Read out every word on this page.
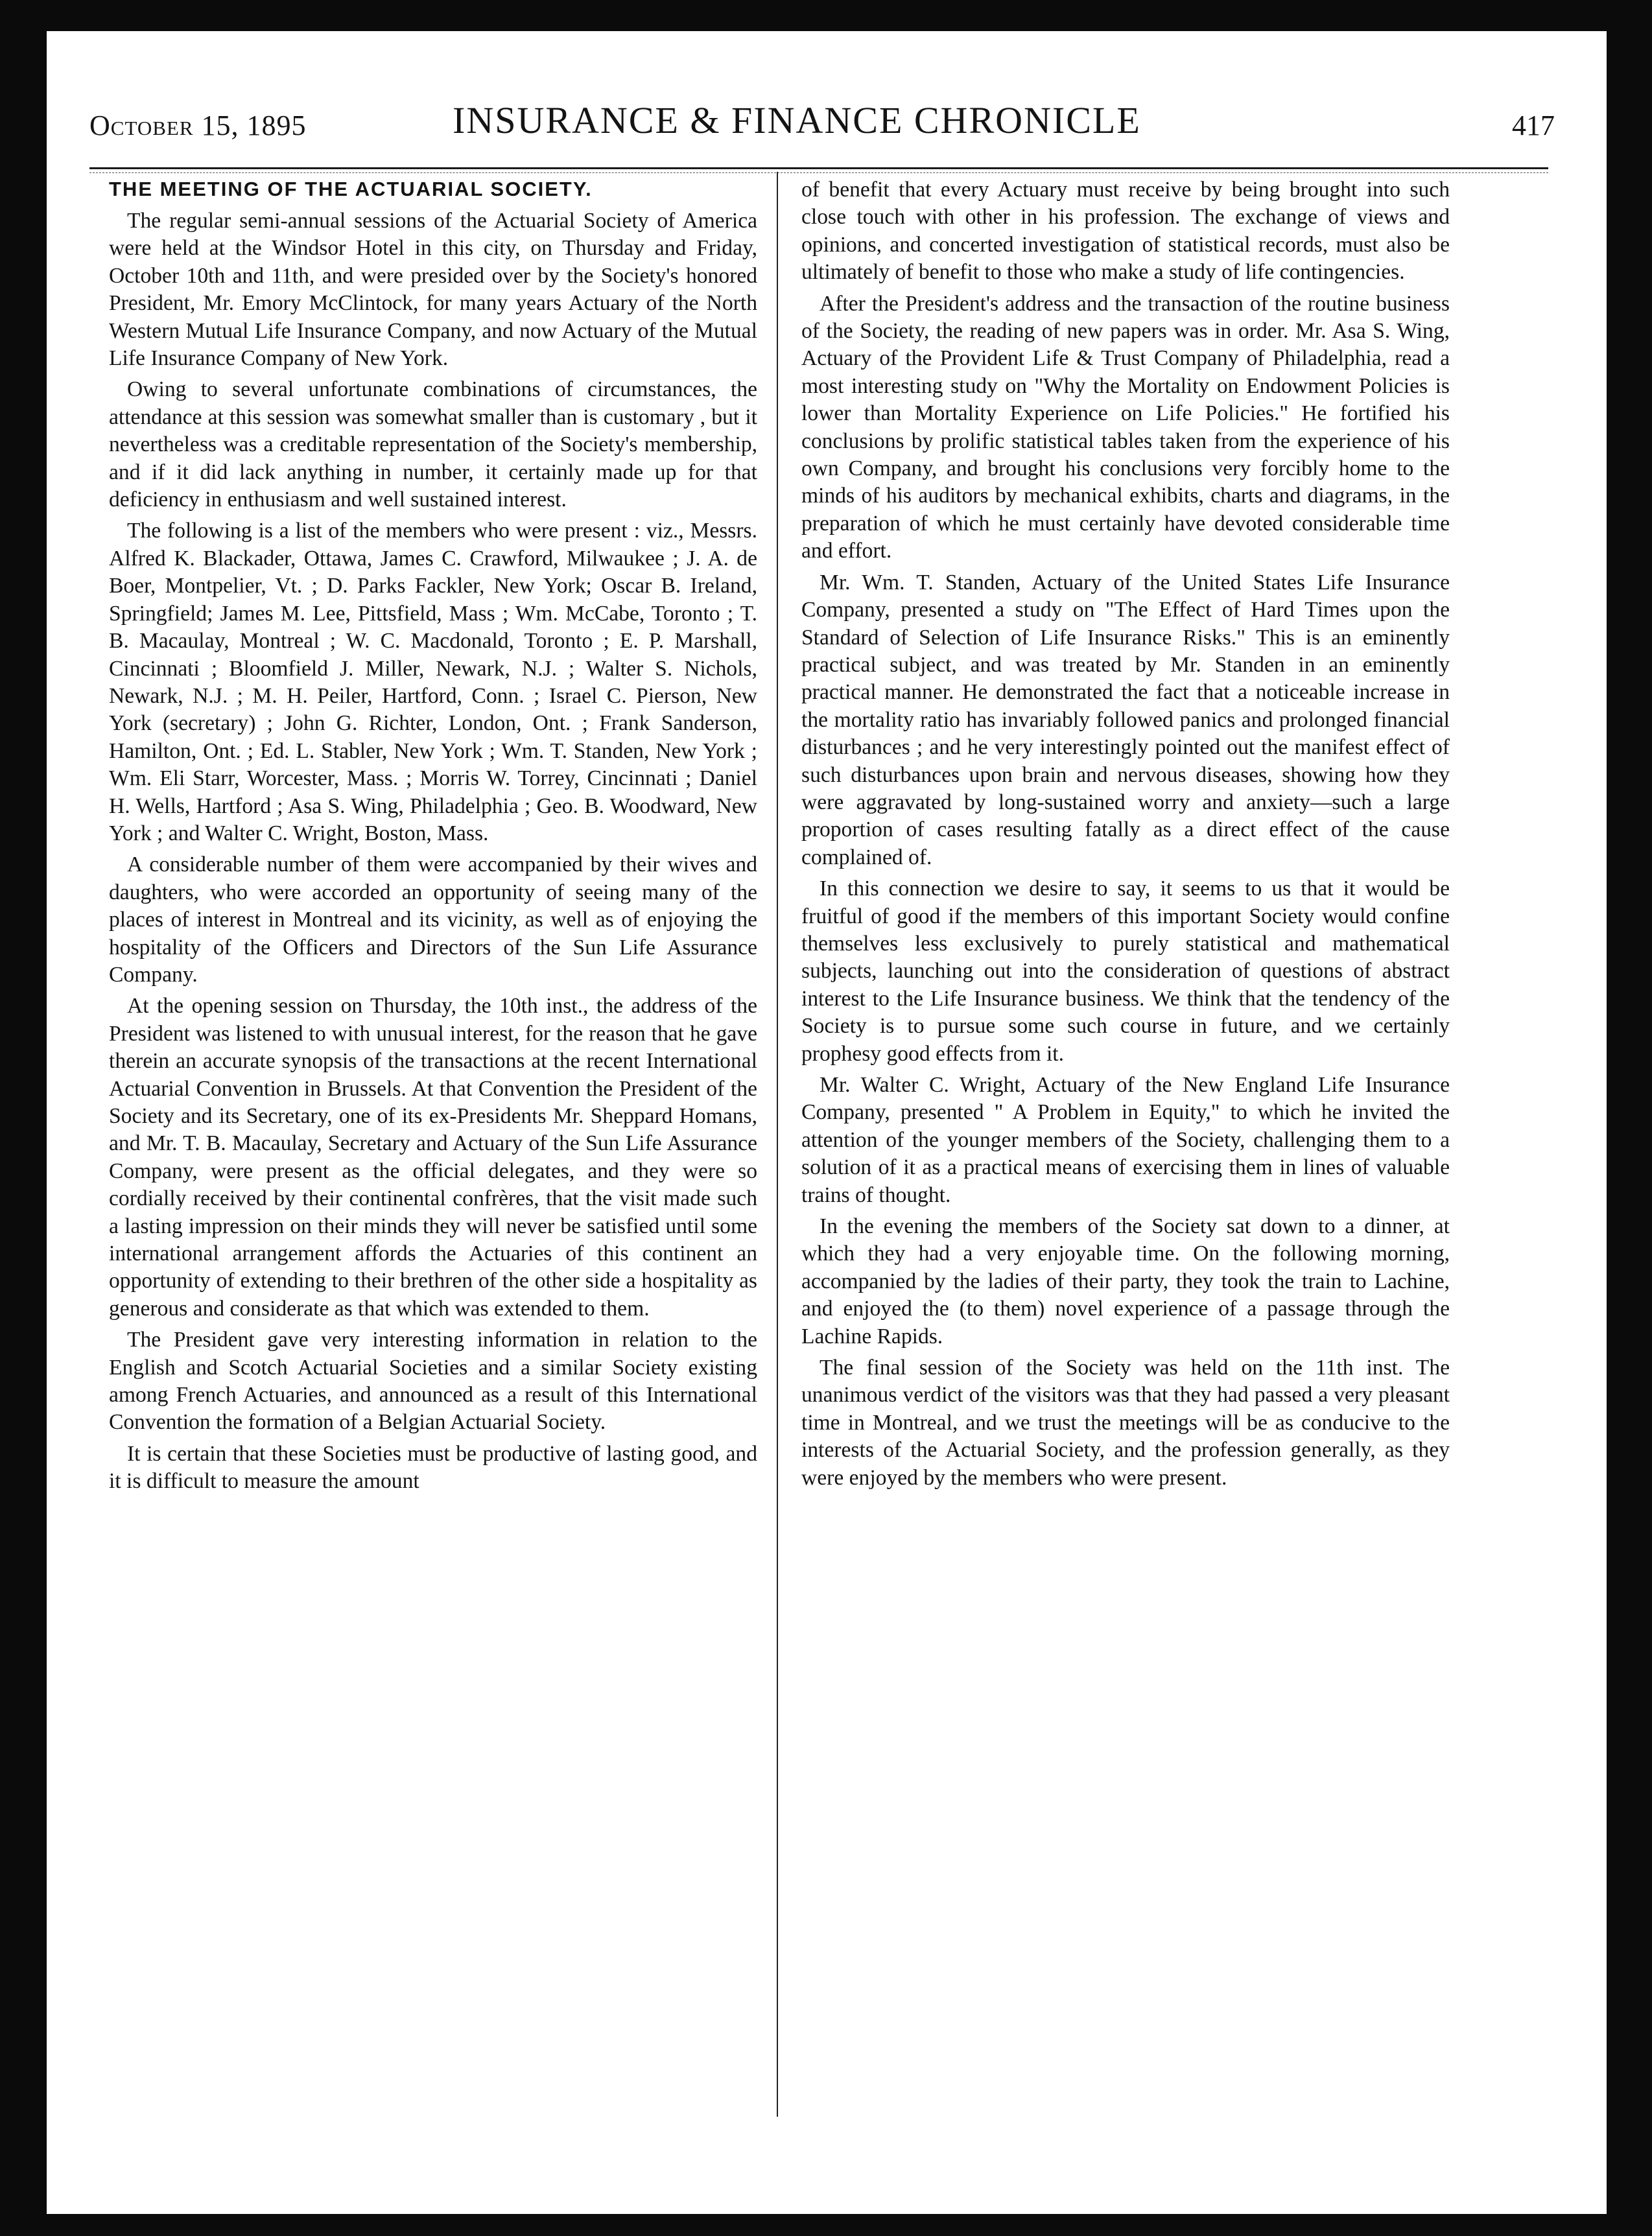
October 15, 1895	INSURANCE & FINANCE CHRONICLE	417
THE MEETING OF THE ACTUARIAL SOCIETY.

The regular semi-annual sessions of the Actuarial Society of America were held at the Windsor Hotel in this city, on Thursday and Friday, October 10th and 11th, and were presided over by the Society's honored President, Mr. Emory McClintock, for many years Actuary of the North Western Mutual Life Insurance Company, and now Actuary of the Mutual Life Insurance Company of New York.

Owing to several unfortunate combinations of circumstances, the attendance at this session was somewhat smaller than is customary , but it nevertheless was a creditable representation of the Society's membership, and if it did lack anything in number, it certainly made up for that deficiency in enthusiasm and well sustained interest.

The following is a list of the members who were present : viz., Messrs. Alfred K. Blackader, Ottawa, James C. Crawford, Milwaukee ; J. A. de Boer, Montpelier, Vt. ; D. Parks Fackler, New York; Oscar B. Ireland, Springfield; James M. Lee, Pittsfield, Mass ; Wm. McCabe, Toronto ; T. B. Macaulay, Montreal ; W. C. Macdonald, Toronto ; E. P. Marshall, Cincinnati ; Bloomfield J. Miller, Newark, N.J. ; Walter S. Nichols, Newark, N.J. ; M. H. Peiler, Hartford, Conn. ; Israel C. Pierson, New York (secretary) ; John G. Richter, London, Ont. ; Frank Sanderson, Hamilton, Ont. ; Ed. L. Stabler, New York ; Wm. T. Standen, New York ; Wm. Eli Starr, Worcester, Mass. ; Morris W. Torrey, Cincinnati ; Daniel H. Wells, Hartford ; Asa S. Wing, Philadelphia ; Geo. B. Woodward, New York ; and Walter C. Wright, Boston, Mass.

A considerable number of them were accompanied by their wives and daughters, who were accorded an opportunity of seeing many of the places of interest in Montreal and its vicinity, as well as of enjoying the hospitality of the Officers and Directors of the Sun Life Assurance Company.

At the opening session on Thursday, the 10th inst., the address of the President was listened to with unusual interest, for the reason that he gave therein an accurate synopsis of the transactions at the recent International Actuarial Convention in Brussels. At that Convention the President of the Society and its Secretary, one of its ex-Presidents Mr. Sheppard Homans, and Mr. T. B. Macaulay, Secretary and Actuary of the Sun Life Assurance Company, were present as the official delegates, and they were so cordially received by their continental confrères, that the visit made such a lasting impression on their minds they will never be satisfied until some international arrangement affords the Actuaries of this continent an opportunity of extending to their brethren of the other side a hospitality as generous and considerate as that which was extended to them.

The President gave very interesting information in relation to the English and Scotch Actuarial Societies and a similar Society existing among French Actuaries, and announced as a result of this International Convention the formation of a Belgian Actuarial Society.

It is certain that these Societies must be productive of lasting good, and it is difficult to measure the amount

of benefit that every Actuary must receive by being brought into such close touch with other in his profession. The exchange of views and opinions, and concerted investigation of statistical records, must also be ultimately of benefit to those who make a study of life contingencies.

After the President's address and the transaction of the routine business of the Society, the reading of new papers was in order. Mr. Asa S. Wing, Actuary of the Provident Life & Trust Company of Philadelphia, read a most interesting study on "Why the Mortality on Endowment Policies is lower than Mortality Experience on Life Policies." He fortified his conclusions by prolific statistical tables taken from the experience of his own Company, and brought his conclusions very forcibly home to the minds of his auditors by mechanical exhibits, charts and diagrams, in the preparation of which he must certainly have devoted considerable time and effort.

Mr. Wm. T. Standen, Actuary of the United States Life Insurance Company, presented a study on "The Effect of Hard Times upon the Standard of Selection of Life Insurance Risks." This is an eminently practical subject, and was treated by Mr. Standen in an eminently practical manner. He demonstrated the fact that a noticeable increase in the mortality ratio has invariably followed panics and prolonged financial disturbances ; and he very interestingly pointed out the manifest effect of such disturbances upon brain and nervous diseases, showing how they were aggravated by long-sustained worry and anxiety—such a large proportion of cases resulting fatally as a direct effect of the cause complained of.

In this connection we desire to say, it seems to us that it would be fruitful of good if the members of this important Society would confine themselves less exclusively to purely statistical and mathematical subjects, launching out into the consideration of questions of abstract interest to the Life Insurance business. We think that the tendency of the Society is to pursue some such course in future, and we certainly prophesy good effects from it.

Mr. Walter C. Wright, Actuary of the New England Life Insurance Company, presented " A Problem in Equity," to which he invited the attention of the younger members of the Society, challenging them to a solution of it as a practical means of exercising them in lines of valuable trains of thought.

In the evening the members of the Society sat down to a dinner, at which they had a very enjoyable time. On the following morning, accompanied by the ladies of their party, they took the train to Lachine, and enjoyed the (to them) novel experience of a passage through the Lachine Rapids.

The final session of the Society was held on the 11th inst. The unanimous verdict of the visitors was that they had passed a very pleasant time in Montreal, and we trust the meetings will be as conducive to the interests of the Actuarial Society, and the profession generally, as they were enjoyed by the members who were present.
